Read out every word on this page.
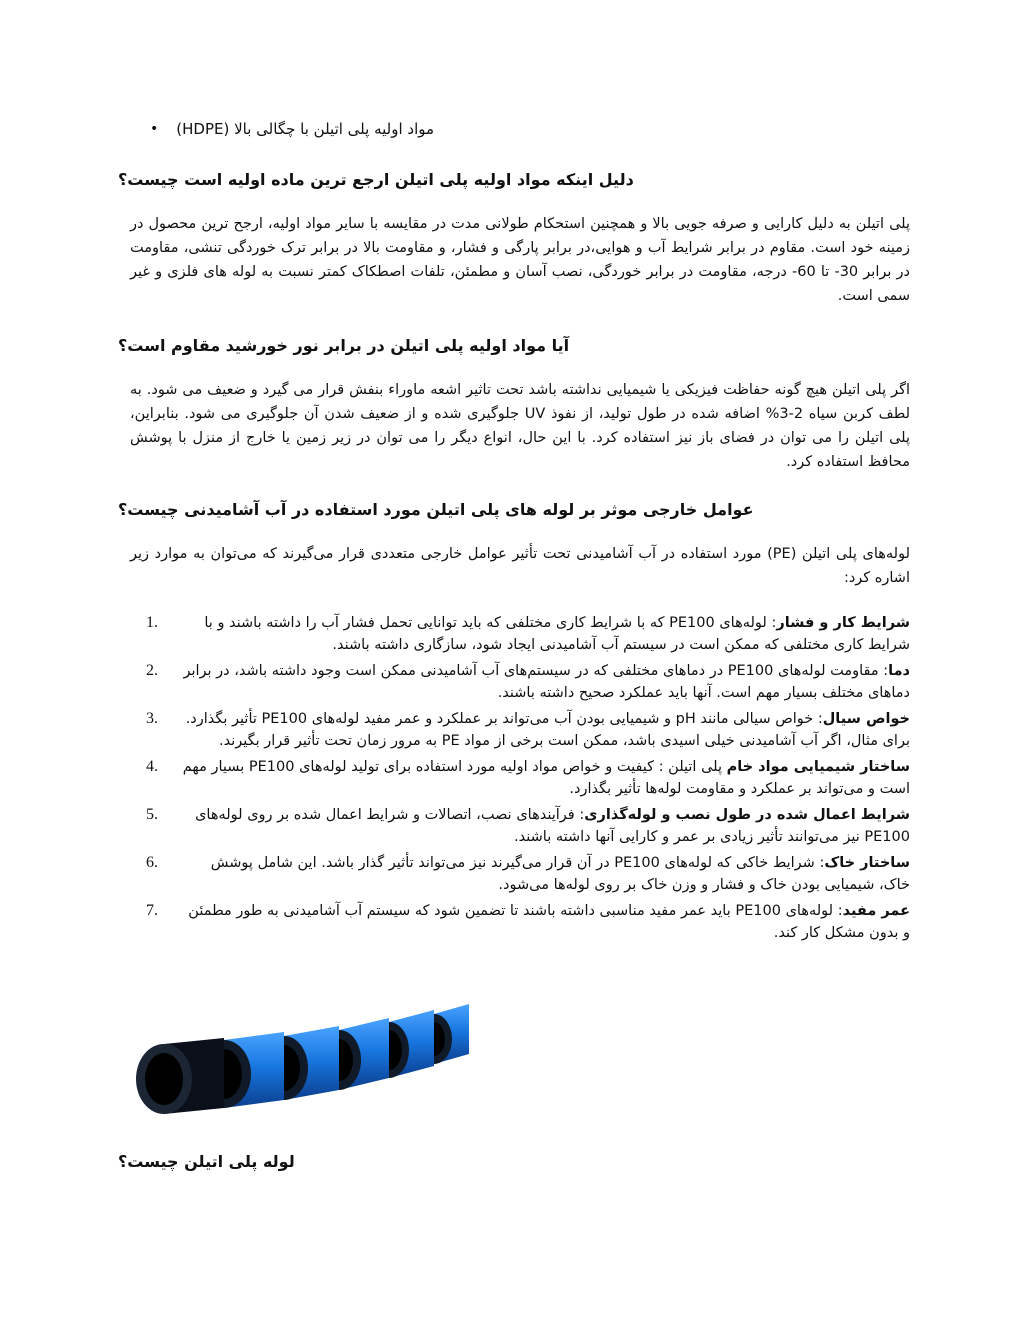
• مواد اولیه پلی اتیلن با چگالی بالا (HDPE)
دلیل اینکه مواد اولیه پلی اتیلن ارجع ترین ماده اولیه است چیست؟
پلی اتیلن به دلیل کارایی و صرفه جویی بالا و همچنین استحکام طولانی مدت در مقایسه با سایر مواد اولیه، ارجح ترین محصول در زمینه خود است. مقاوم در برابر شرایط آب و هوایی،در برابر پارگی و فشار، و مقاومت بالا در برابر ترک خوردگی تنشی، مقاومت در برابر 30- تا 60- درجه، مقاومت در برابر خوردگی، نصب آسان و مطمئن، تلفات اصطکاک کمتر نسبت به لوله های فلزی و غیر سمی است.
آیا مواد اولیه پلی اتیلن در برابر نور خورشید مقاوم است؟
اگر پلی اتیلن هیچ گونه حفاظت فیزیکی یا شیمیایی نداشته باشد تحت تاثیر اشعه ماوراء بنفش قرار می گیرد و ضعیف می شود. به لطف کربن سیاه 2-3% اضافه شده در طول تولید، از نفوذ UV جلوگیری شده و از ضعیف شدن آن جلوگیری می شود. بنابراین، پلی اتیلن را می توان در فضای باز نیز استفاده کرد. با این حال، انواع دیگر را می توان در زیر زمین یا خارج از منزل با پوشش محافظ استفاده کرد.
عوامل خارجی موثر بر لوله های پلی اتیلن مورد استفاده در آب آشامیدنی چیست؟
لوله‌های پلی اتیلن (PE) مورد استفاده در آب آشامیدنی تحت تأثیر عوامل خارجی متعددی قرار می‌گیرند که می‌توان به موارد زیر اشاره کرد:
1.	شرایط کار و فشار: لوله‌های PE100 که با شرایط کاری مختلفی که باید توانایی تحمل فشار آب را داشته باشند و با شرایط کاری مختلفی که ممکن است در سیستم آب آشامیدنی ایجاد شود، سازگاری داشته باشند.
2.	دما: مقاومت لوله‌های PE100 در دماهای مختلفی که در سیستم‌های آب آشامیدنی ممکن است وجود داشته باشد، در برابر دماهای مختلف بسیار مهم است. آنها باید عملکرد صحیح داشته باشند.
3.	خواص سیال: خواص سیالی مانند pH و شیمیایی بودن آب می‌تواند بر عملکرد و عمر مفید لوله‌های PE100 تأثیر بگذارد. برای مثال، اگر آب آشامیدنی خیلی اسیدی باشد، ممکن است برخی از مواد PE به مرور زمان تحت تأثیر قرار بگیرند.
4.	ساختار شیمیایی مواد خام پلی اتیلن : کیفیت و خواص مواد اولیه مورد استفاده برای تولید لوله‌های PE100 بسیار مهم است و می‌تواند بر عملکرد و مقاومت لوله‌ها تأثیر بگذارد.
5.	شرایط اعمال شده در طول نصب و لوله‌گذاری: فرآیندهای نصب، اتصالات و شرایط اعمال شده بر روی لوله‌های PE100 نیز می‌توانند تأثیر زیادی بر عمر و کارایی آنها داشته باشند.
6.	ساختار خاک: شرایط خاکی که لوله‌های PE100 در آن قرار می‌گیرند نیز می‌تواند تأثیر گذار باشد. این شامل پوشش خاک، شیمیایی بودن خاک و فشار و وزن خاک بر روی لوله‌ها می‌شود.
7.	عمر مفید: لوله‌های PE100 باید عمر مفید مناسبی داشته باشند تا تضمین شود که سیستم آب آشامیدنی به طور مطمئن و بدون مشکل کار کند.
لوله پلی اتیلن چیست؟
